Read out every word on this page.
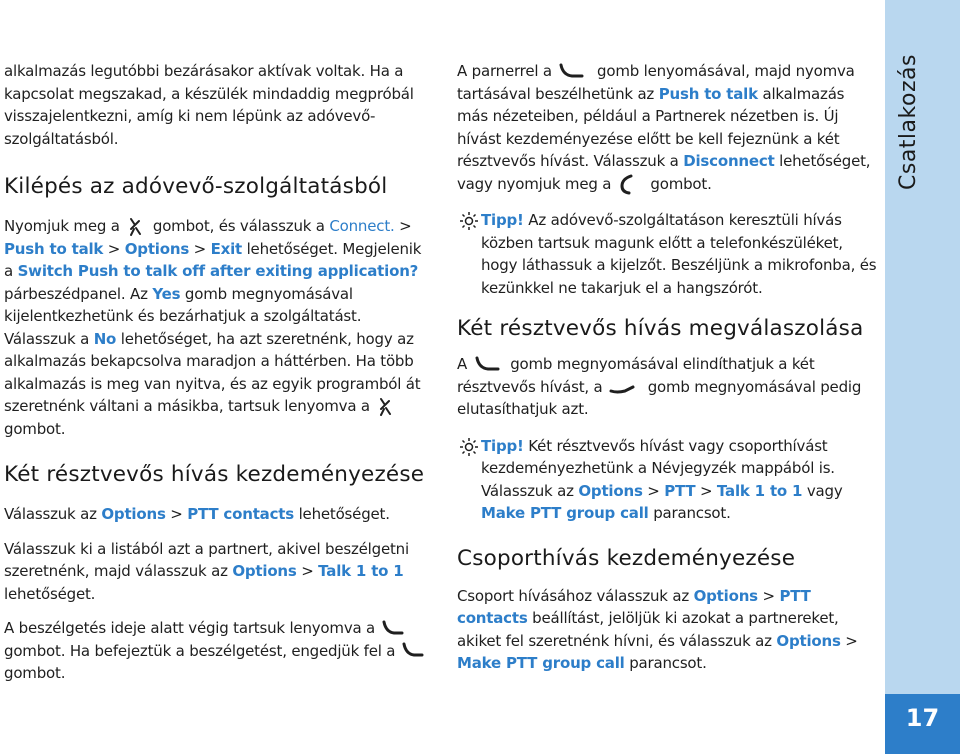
alkalmazás legutóbbi bezárásakor aktívak voltak. Ha a kapcsolat megszakad, a készülék mindaddig megpróbál visszajelentkezni, amíg ki nem lépünk az adóvevő-szolgáltatásból.

Kilépés az adóvevő-szolgáltatásból

Nyomjuk meg a
gombot, és válasszuk a Connect. > Push to talk > Options > Exit lehetőséget. Megjelenik a Switch Push to talk off after exiting application? párbeszédpanel. Az Yes gomb megnyomásával kijelentkezhetünk és bezárhatjuk a szolgáltatást. Válasszuk a No lehetőséget, ha azt szeretnénk, hogy az alkalmazás bekapcsolva maradjon a háttérben. Ha több alkalmazás is meg van nyitva, és az egyik programból át szeretnénk váltani a másikba, tartsuk lenyomva a
gombot.

Két résztvevős hívás kezdeményezése

Válasszuk az Options > PTT contacts lehetőséget.

Válasszuk ki a listából azt a partnert, akivel beszélgetni szeretnénk, majd válasszuk az Options > Talk 1 to 1 lehetőséget.

A beszélgetés ideje alatt végig tartsuk lenyomva a
gombot. Ha befejeztük a beszélgetést, engedjük fel a
gombot.

A parnerrel a
gomb lenyomásával, majd nyomva tartásával beszélhetünk az Push to talk alkalmazás más nézeteiben, például a Partnerek nézetben is. Új hívást kezdeményezése előtt be kell fejeznünk a két résztvevős hívást. Válasszuk a Disconnect lehetőséget, vagy nyomjuk meg a
gombot.

Tipp! Az adóvevő-szolgáltatáson keresztüli hívás közben tartsuk magunk előtt a telefonkészüléket, hogy láthassuk a kijelzőt. Beszéljünk a mikrofonba, és kezünkkel ne takarjuk el a hangszórót.

Két résztvevős hívás megválaszolása

A
gomb megnyomásával elindíthatjuk a két résztvevős hívást, a
gomb megnyomásával pedig elutasíthatjuk azt.

Tipp! Két résztvevős hívást vagy csoporthívást kezdeményezhetünk a Névjegyzék mappából is. Válasszuk az Options > PTT > Talk 1 to 1 vagy Make PTT group call parancsot.

Csoporthívás kezdeményezése

Csoport hívásához válasszuk az Options > PTT contacts beállítást, jelöljük ki azokat a partnereket, akiket fel szeretnénk hívni, és válasszuk az Options > Make PTT group call parancsot.

17
